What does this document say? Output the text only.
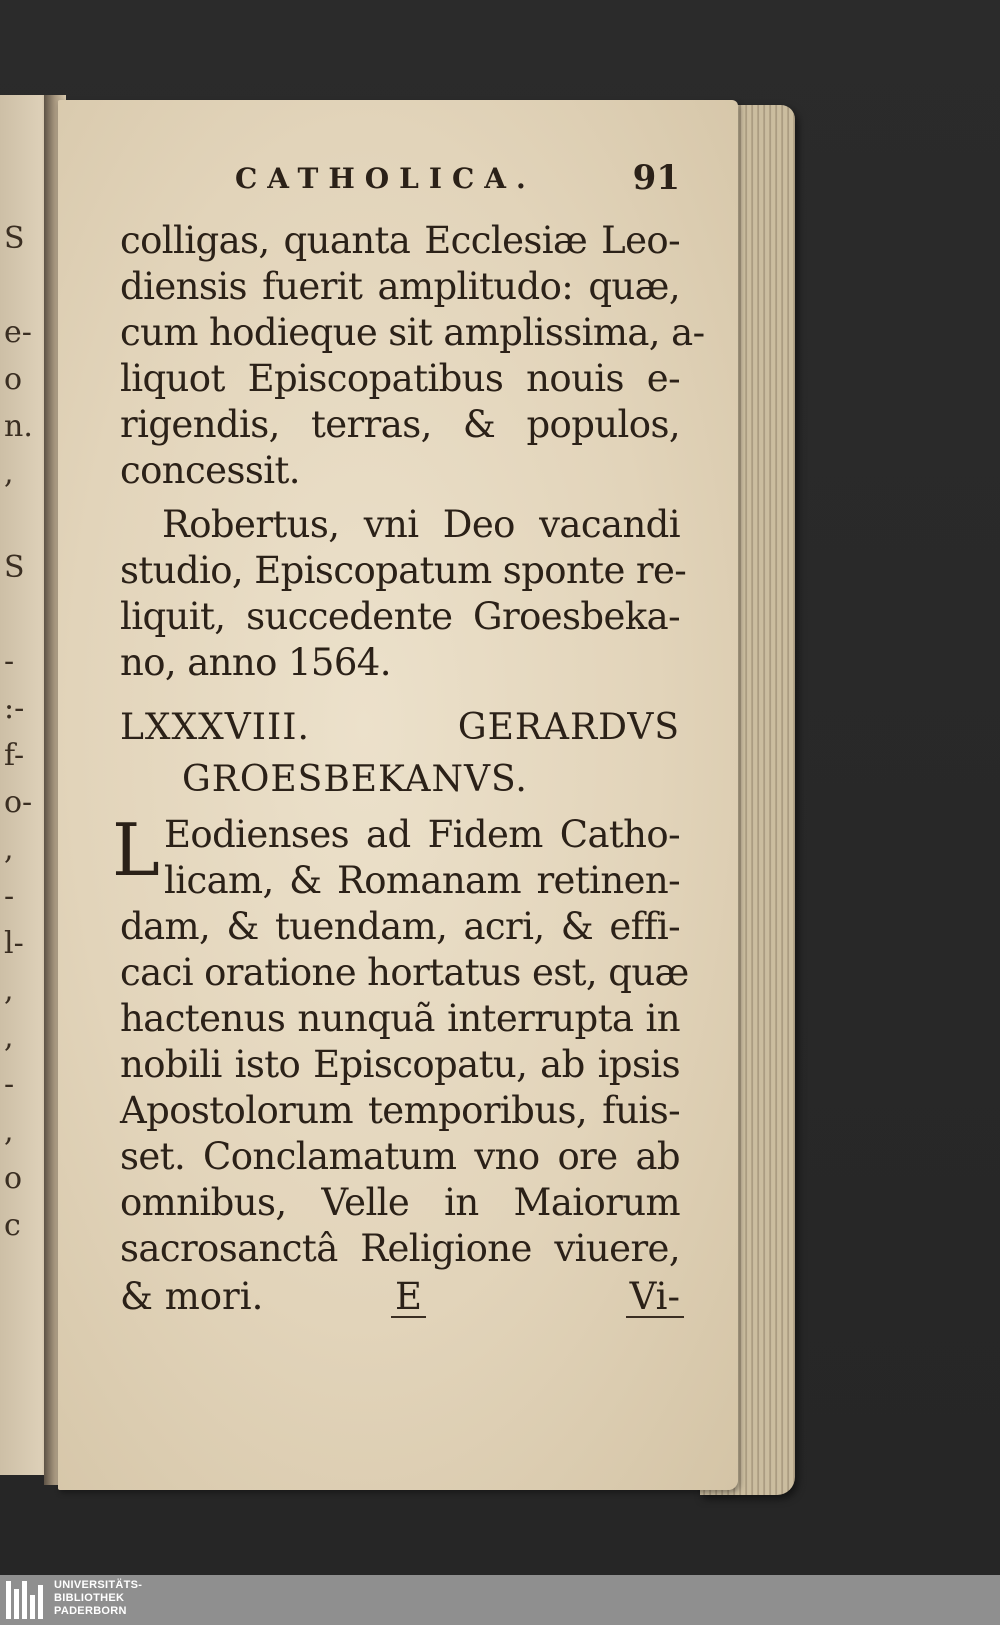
S

e-
o
n.
,

S

-
:-
f-
o-
,
-
l-
,
,
-
,
o
c
CATHOLICA.	91
colligas, quanta Ecclesiæ Leo-
diensis fuerit amplitudo: quæ,
cum hodieque sit amplissima, a-
liquot Episcopatibus nouis e-
rigendis, terras, & populos,
concessit.
Robertus, vni Deo vacandi
studio, Episcopatum sponte re-
liquit, succedente Groesbeka-
no, anno 1564.
LXXXVIII. GERARDVS
GROESBEKANVS.
L Eodienses ad Fidem Catho-
licam, & Romanam retinen-
dam, & tuendam, acri, & effi-
caci oratione hortatus est, quæ
hactenus nunquã interrupta in
nobili isto Episcopatu, ab ipsis
Apostolorum temporibus, fuis-
set. Conclamatum vno ore ab
omnibus, Velle in Maiorum
sacrosanctâ Religione viuere,
& mori.	E	Vi-
UNIVERSITÄTS-
BIBLIOTHEK
PADERBORN
